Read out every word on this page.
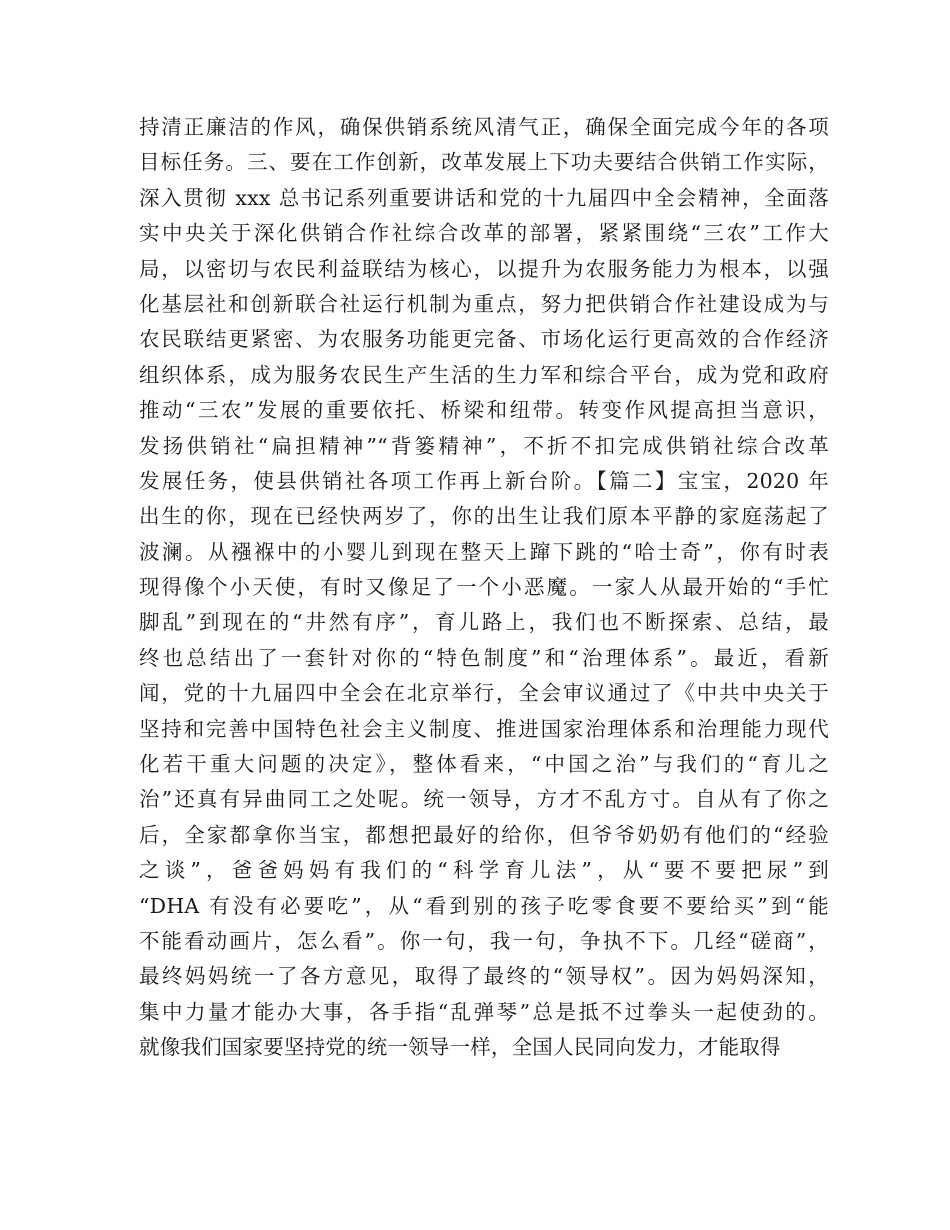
持清正廉洁的作风，确保供销系统风清气正，确保全面完成今年的各项
目标任务。三、要在工作创新，改革发展上下功夫要结合供销工作实际，
深入贯彻 xxx 总书记系列重要讲话和党的十九届四中全会精神，全面落
实中央关于深化供销合作社综合改革的部署，紧紧围绕“三农”工作大
局，以密切与农民利益联结为核心，以提升为农服务能力为根本，以强
化基层社和创新联合社运行机制为重点，努力把供销合作社建设成为与
农民联结更紧密、为农服务功能更完备、市场化运行更高效的合作经济
组织体系，成为服务农民生产生活的生力军和综合平台，成为党和政府
推动“三农”发展的重要依托、桥梁和纽带。转变作风提高担当意识，
发扬供销社“扁担精神”“背篓精神”，不折不扣完成供销社综合改革
发展任务，使县供销社各项工作再上新台阶。【篇二】宝宝，2020 年
出生的你，现在已经快两岁了，你的出生让我们原本平静的家庭荡起了
波澜。从襁褓中的小婴儿到现在整天上蹿下跳的“哈士奇”，你有时表
现得像个小天使，有时又像足了一个小恶魔。一家人从最开始的“手忙
脚乱”到现在的“井然有序”，育儿路上，我们也不断探索、总结，最
终也总结出了一套针对你的“特色制度”和“治理体系”。最近，看新
闻，党的十九届四中全会在北京举行，全会审议通过了《中共中央关于
坚持和完善中国特色社会主义制度、推进国家治理体系和治理能力现代
化若干重大问题的决定》，整体看来，“中国之治”与我们的“育儿之
治”还真有异曲同工之处呢。统一领导，方才不乱方寸。自从有了你之
后，全家都拿你当宝，都想把最好的给你，但爷爷奶奶有他们的“经验
之谈”，爸爸妈妈有我们的“科学育儿法”，从“要不要把尿”到
“DHA 有没有必要吃”，从“看到别的孩子吃零食要不要给买”到“能
不能看动画片，怎么看”。你一句，我一句，争执不下。几经“磋商”，
最终妈妈统一了各方意见，取得了最终的“领导权”。因为妈妈深知，
集中力量才能办大事，各手指“乱弹琴”总是抵不过拳头一起使劲的。
就像我们国家要坚持党的统一领导一样，全国人民同向发力，才能取得
